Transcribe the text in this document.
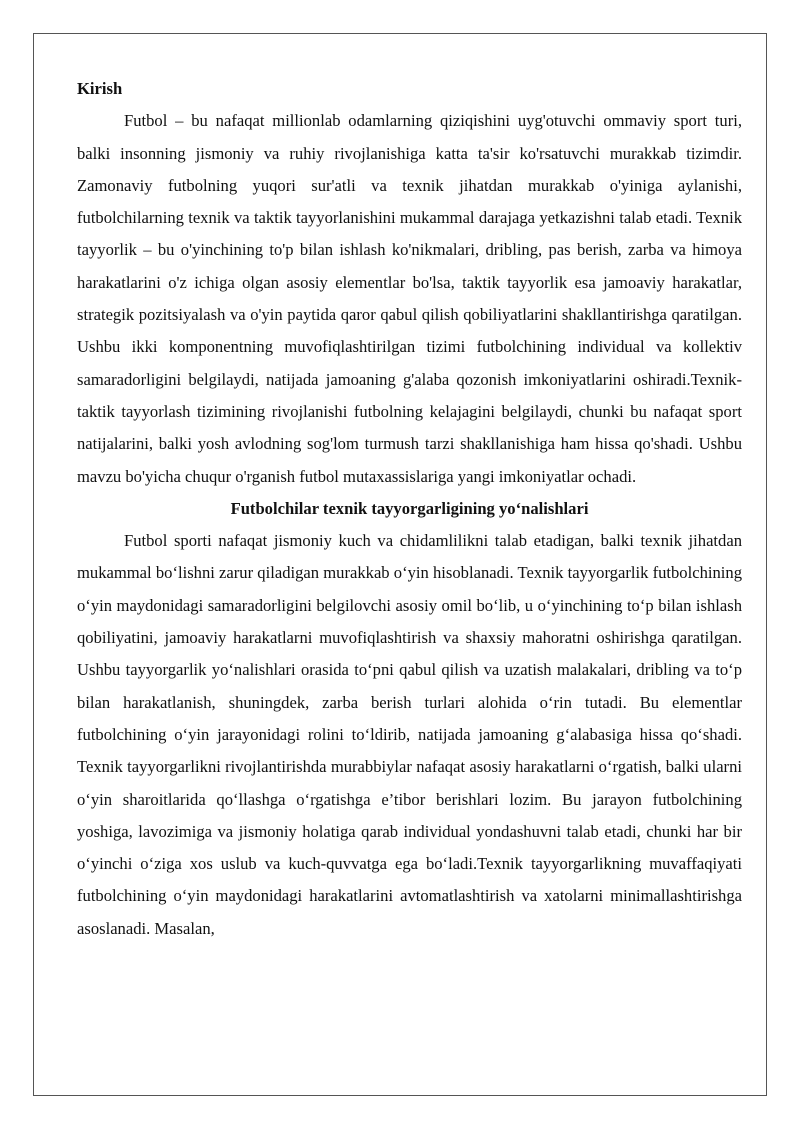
Kirish

Futbol – bu nafaqat millionlab odamlarning qiziqishini uyg'otuvchi ommaviy sport turi, balki insonning jismoniy va ruhiy rivojlanishiga katta ta'sir ko'rsatuvchi murakkab tizimdir. Zamonaviy futbolning yuqori sur'atli va texnik jihatdan murakkab o'yiniga aylanishi, futbolchilarning texnik va taktik tayyorlanishini mukammal darajaga yetkazishni talab etadi. Texnik tayyorlik – bu o'yinchining to'p bilan ishlash ko'nikmalari, dribling, pas berish, zarba va himoya harakatlarini o'z ichiga olgan asosiy elementlar bo'lsa, taktik tayyorlik esa jamoaviy harakatlar, strategik pozitsiyalash va o'yin paytida qaror qabul qilish qobiliyatlarini shakllantirishga qaratilgan. Ushbu ikki komponentning muvofiqlashtirilgan tizimi futbolchining individual va kollektiv samaradorligini belgilaydi, natijada jamoaning g'alaba qozonish imkoniyatlarini oshiradi.Texnik-taktik tayyorlash tizimining rivojlanishi futbolning kelajagini belgilaydi, chunki bu nafaqat sport natijalarini, balki yosh avlodning sog'lom turmush tarzi shakllanishiga ham hissa qo'shadi. Ushbu mavzu bo'yicha chuqur o'rganish futbol mutaxassislariga yangi imkoniyatlar ochadi.

Futbolchilar texnik tayyorgarligining yo‘nalishlari

Futbol sporti nafaqat jismoniy kuch va chidamlilikni talab etadigan, balki texnik jihatdan mukammal bo‘lishni zarur qiladigan murakkab o‘yin hisoblanadi. Texnik tayyorgarlik futbolchining o‘yin maydonidagi samaradorligini belgilovchi asosiy omil bo‘lib, u o‘yinchining to‘p bilan ishlash qobiliyatini, jamoaviy harakatlarni muvofiqlashtirish va shaxsiy mahoratni oshirishga qaratilgan. Ushbu tayyorgarlik yo‘nalishlari orasida to‘pni qabul qilish va uzatish malakalari, dribling va to‘p bilan harakatlanish, shuningdek, zarba berish turlari alohida o‘rin tutadi. Bu elementlar futbolchining o‘yin jarayonidagi rolini to‘ldirib, natijada jamoaning g‘alabasiga hissa qo‘shadi. Texnik tayyorgarlikni rivojlantirishda murabbiylar nafaqat asosiy harakatlarni o‘rgatish, balki ularni o‘yin sharoitlarida qo‘llashga o‘rgatishga e’tibor berishlari lozim. Bu jarayon futbolchining yoshiga, lavozimiga va jismoniy holatiga qarab individual yondashuvni talab etadi, chunki har bir o‘yinchi o‘ziga xos uslub va kuch-quvvatga ega bo‘ladi.Texnik tayyorgarlikning muvaffaqiyati futbolchining o‘yin maydonidagi harakatlarini avtomatlashtirish va xatolarni minimallashtirishga asoslanadi. Masalan,
